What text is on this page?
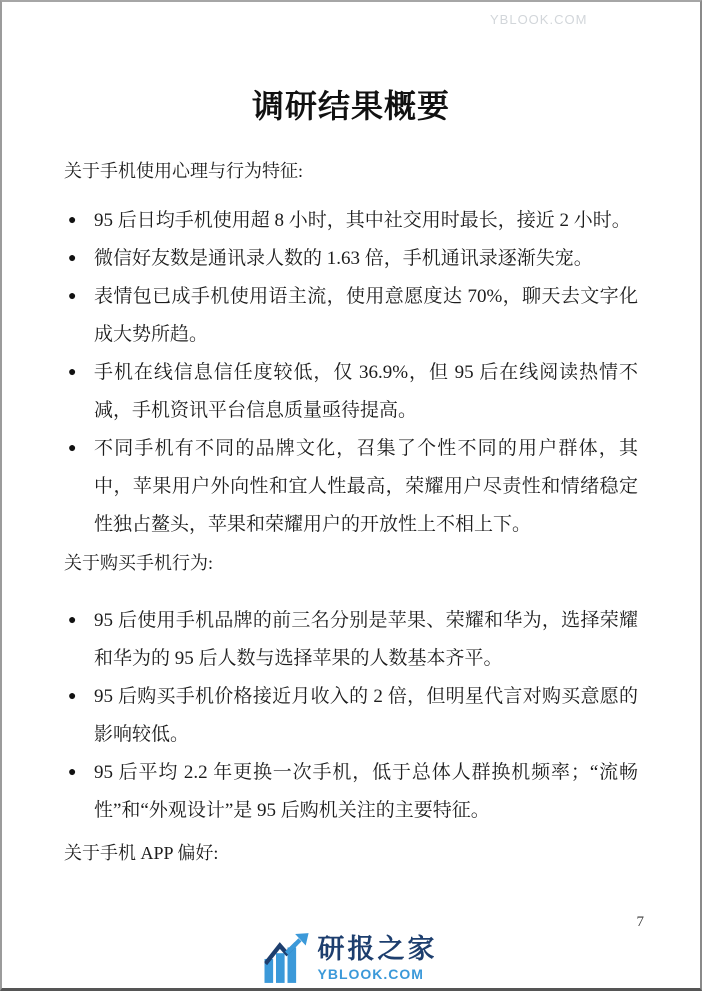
YBLOOK.COM
调研结果概要

关于手机使用心理与行为特征:

● 95 后日均手机使用超 8 小时，其中社交用时最长，接近 2 小时。
● 微信好友数是通讯录人数的 1.63 倍，手机通讯录逐渐失宠。
● 表情包已成手机使用语主流，使用意愿度达 70%，聊天去文字化成大势所趋。
● 手机在线信息信任度较低，仅 36.9%，但 95 后在线阅读热情不减，手机资讯平台信息质量亟待提高。
● 不同手机有不同的品牌文化，召集了个性不同的用户群体，其中，苹果用户外向性和宜人性最高，荣耀用户尽责性和情绪稳定性独占鳌头，苹果和荣耀用户的开放性上不相上下。

关于购买手机行为:

● 95 后使用手机品牌的前三名分别是苹果、荣耀和华为，选择荣耀和华为的 95 后人数与选择苹果的人数基本齐平。
● 95 后购买手机价格接近月收入的 2 倍，但明星代言对购买意愿的影响较低。
● 95 后平均 2.2 年更换一次手机，低于总体人群换机频率；“流畅性”和“外观设计”是 95 后购机关注的主要特征。

关于手机 APP 偏好:

7
研报之家
YBLOOK.COM
